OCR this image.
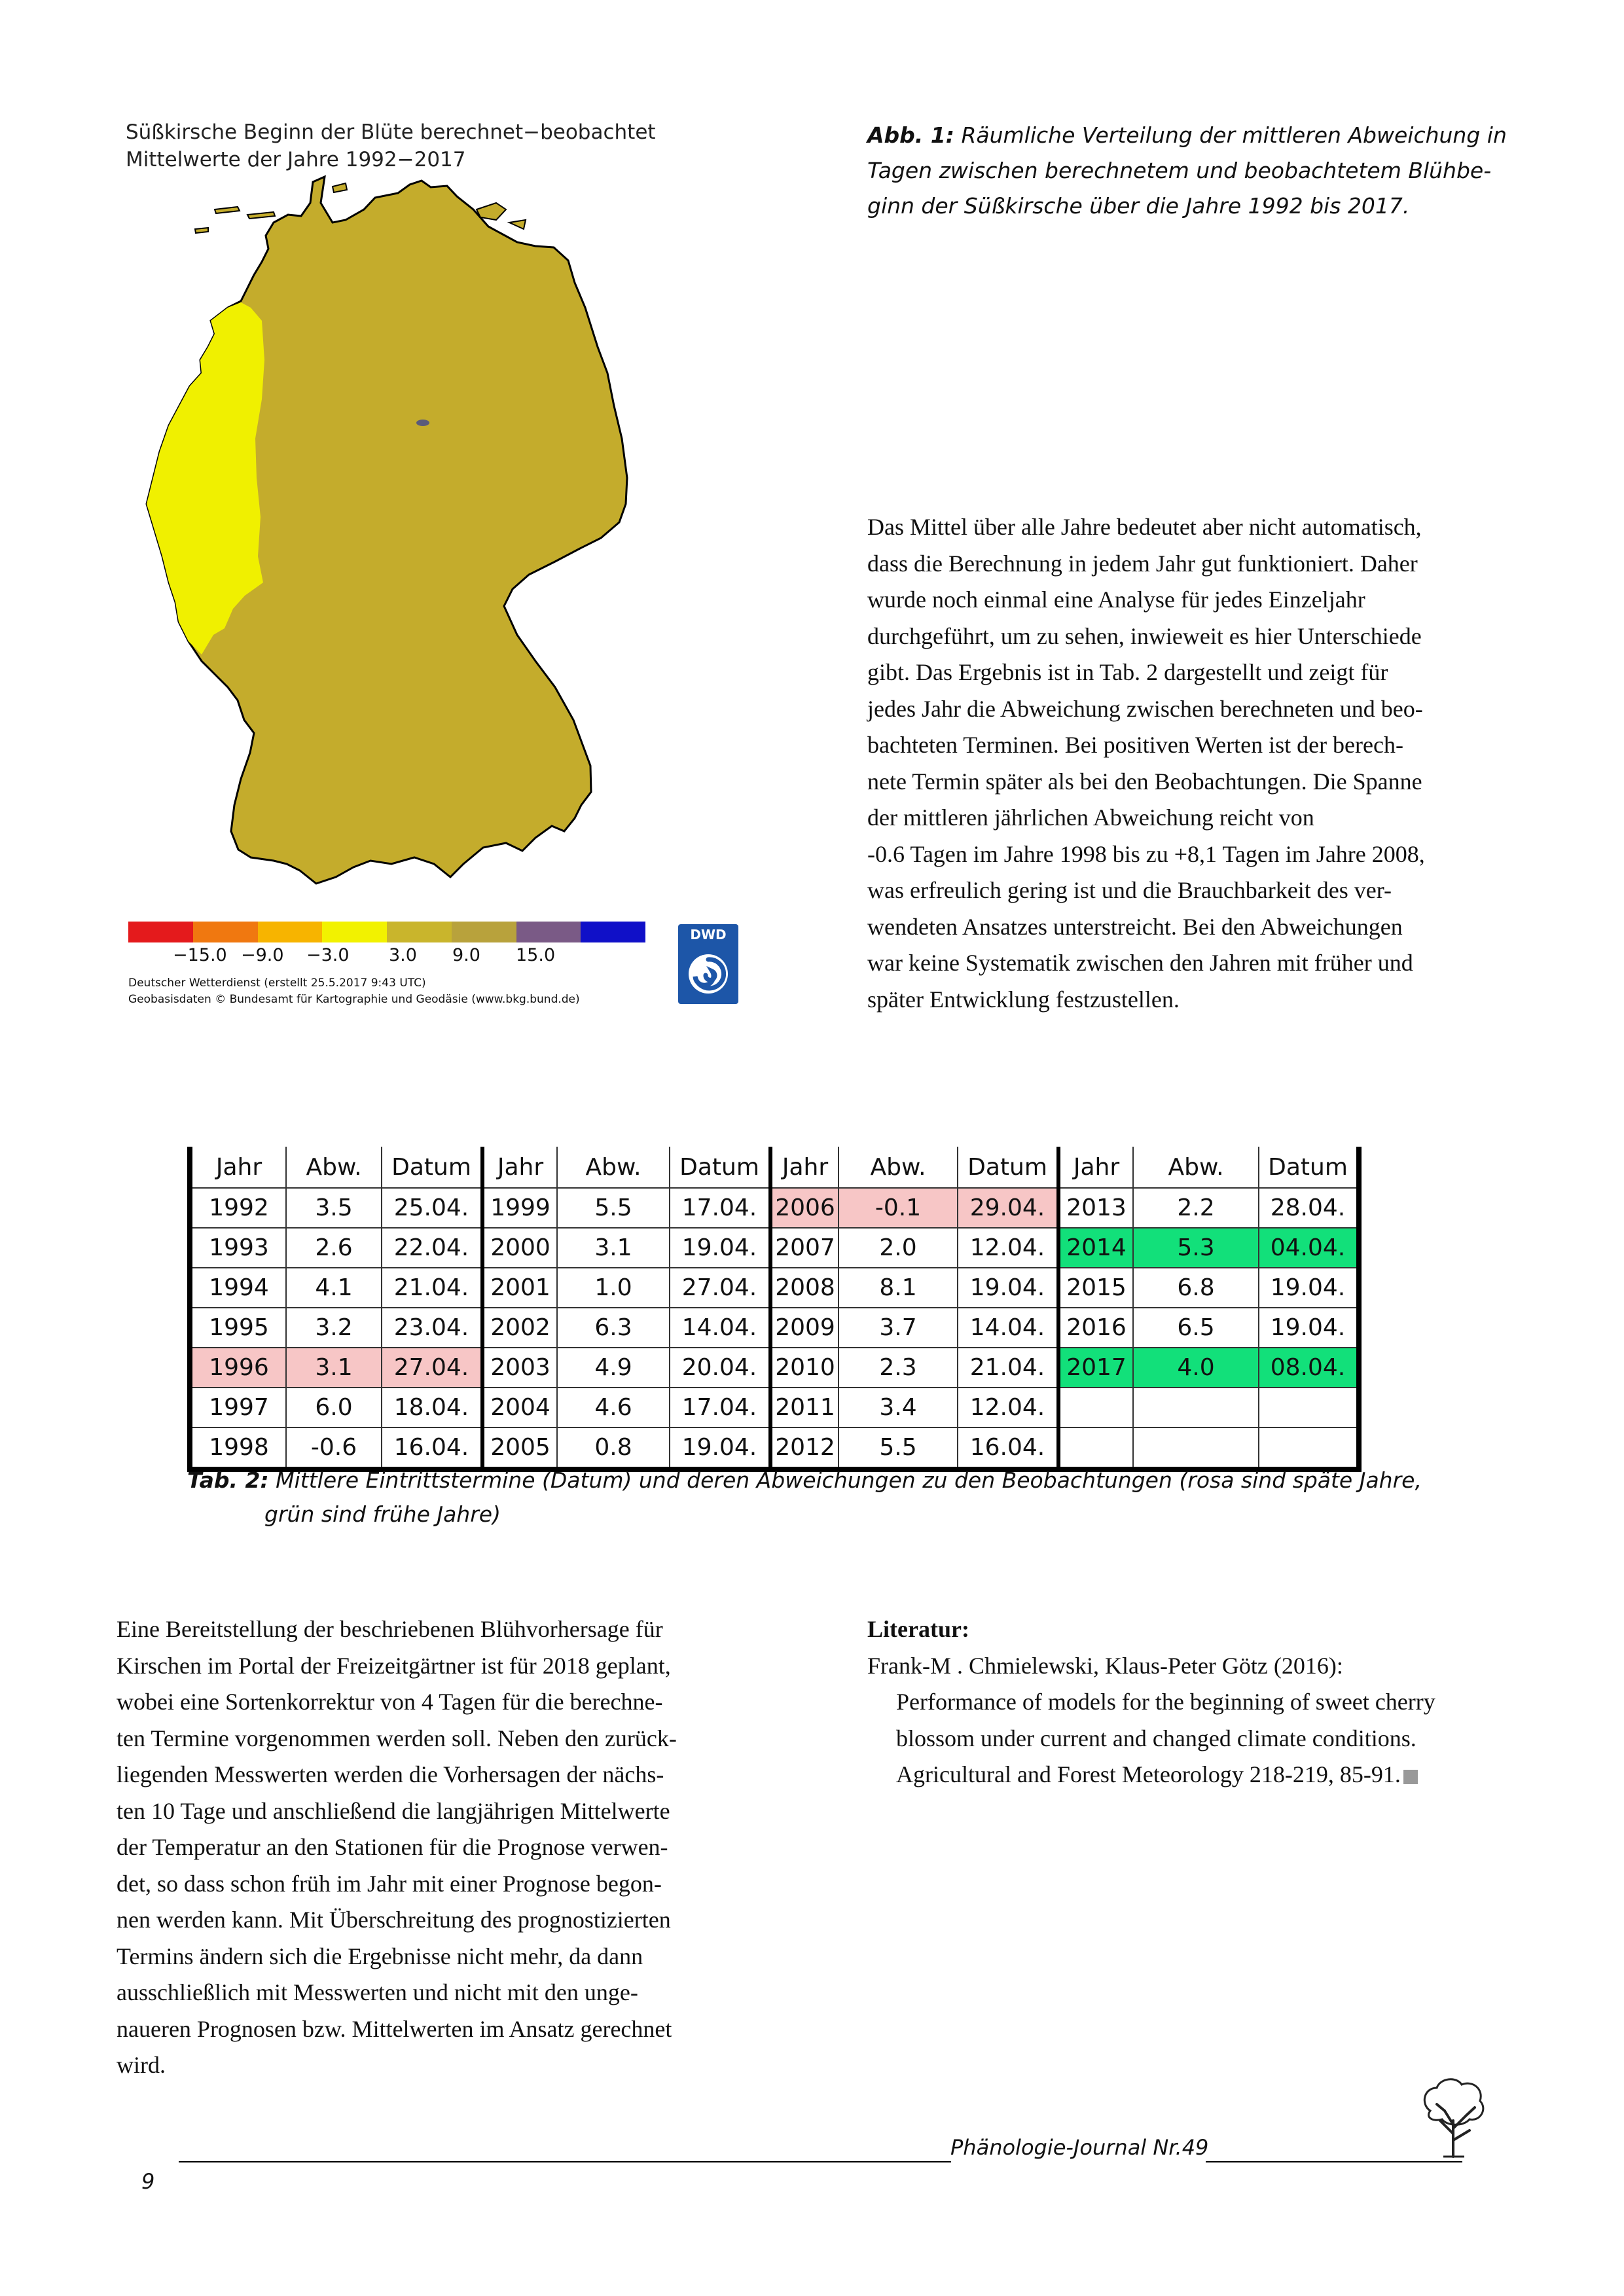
Süßkirsche Beginn der Blüte berechnet−beobachtet
Mittelwerte der Jahre 1992−2017
−15.0 −9.0 −3.0 3.0 9.0 15.0
Deutscher Wetterdienst (erstellt 25.5.2017 9:43 UTC)
Geobasisdaten © Bundesamt für Kartographie und Geodäsie (www.bkg.bund.de)
DWD
Abb. 1: Räumliche Verteilung der mittleren Abweichung in
Tagen zwischen berechnetem und beobachtetem Blühbe-
ginn der Süßkirsche über die Jahre 1992 bis 2017.
Das Mittel über alle Jahre bedeutet aber nicht automatisch,
dass die Berechnung in jedem Jahr gut funktioniert. Daher
wurde noch einmal eine Analyse für jedes Einzeljahr
durchgeführt, um zu sehen, inwieweit es hier Unterschiede
gibt. Das Ergebnis ist in Tab. 2 dargestellt und zeigt für
jedes Jahr die Abweichung zwischen berechneten und beo-
bachteten Terminen. Bei positiven Werten ist der berech-
nete Termin später als bei den Beobachtungen. Die Spanne
der mittleren jährlichen Abweichung reicht von
-0.6 Tagen im Jahre 1998 bis zu +8,1 Tagen im Jahre 2008,
was erfreulich gering ist und die Brauchbarkeit des ver-
wendeten Ansatzes unterstreicht. Bei den Abweichungen
war keine Systematik zwischen den Jahren mit früher und
später Entwicklung festzustellen.
Jahr	Abw.	Datum	Jahr	Abw.	Datum	Jahr	Abw.	Datum	Jahr	Abw.	Datum
1992	3.5	25.04.	1999	5.5	17.04.	2006	-0.1	29.04.	2013	2.2	28.04.
1993	2.6	22.04.	2000	3.1	19.04.	2007	2.0	12.04.	2014	5.3	04.04.
1994	4.1	21.04.	2001	1.0	27.04.	2008	8.1	19.04.	2015	6.8	19.04.
1995	3.2	23.04.	2002	6.3	14.04.	2009	3.7	14.04.	2016	6.5	19.04.
1996	3.1	27.04.	2003	4.9	20.04.	2010	2.3	21.04.	2017	4.0	08.04.
1997	6.0	18.04.	2004	4.6	17.04.	2011	3.4	12.04.			
1998	-0.6	16.04.	2005	0.8	19.04.	2012	5.5	16.04.			
Tab. 2: Mittlere Eintrittstermine (Datum) und deren Abweichungen zu den Beobachtungen (rosa sind späte Jahre,
grün sind frühe Jahre)
Eine Bereitstellung der beschriebenen Blühvorhersage für
Kirschen im Portal der Freizeitgärtner ist für 2018 geplant,
wobei eine Sortenkorrektur von 4 Tagen für die berechne-
ten Termine vorgenommen werden soll. Neben den zurück-
liegenden Messwerten werden die Vorhersagen der nächs-
ten 10 Tage und anschließend die langjährigen Mittelwerte
der Temperatur an den Stationen für die Prognose verwen-
det, so dass schon früh im Jahr mit einer Prognose begon-
nen werden kann. Mit Überschreitung des prognostizierten
Termins ändern sich die Ergebnisse nicht mehr, da dann
ausschließlich mit Messwerten und nicht mit den unge-
naueren Prognosen bzw. Mittelwerten im Ansatz gerechnet
wird.
Literatur:
Frank-M . Chmielewski, Klaus-Peter Götz (2016):
Performance of models for the beginning of sweet cherry
blossom under current and changed climate conditions.
Agricultural and Forest Meteorology 218-219, 85-91.
Phänologie-Journal Nr.49
9
